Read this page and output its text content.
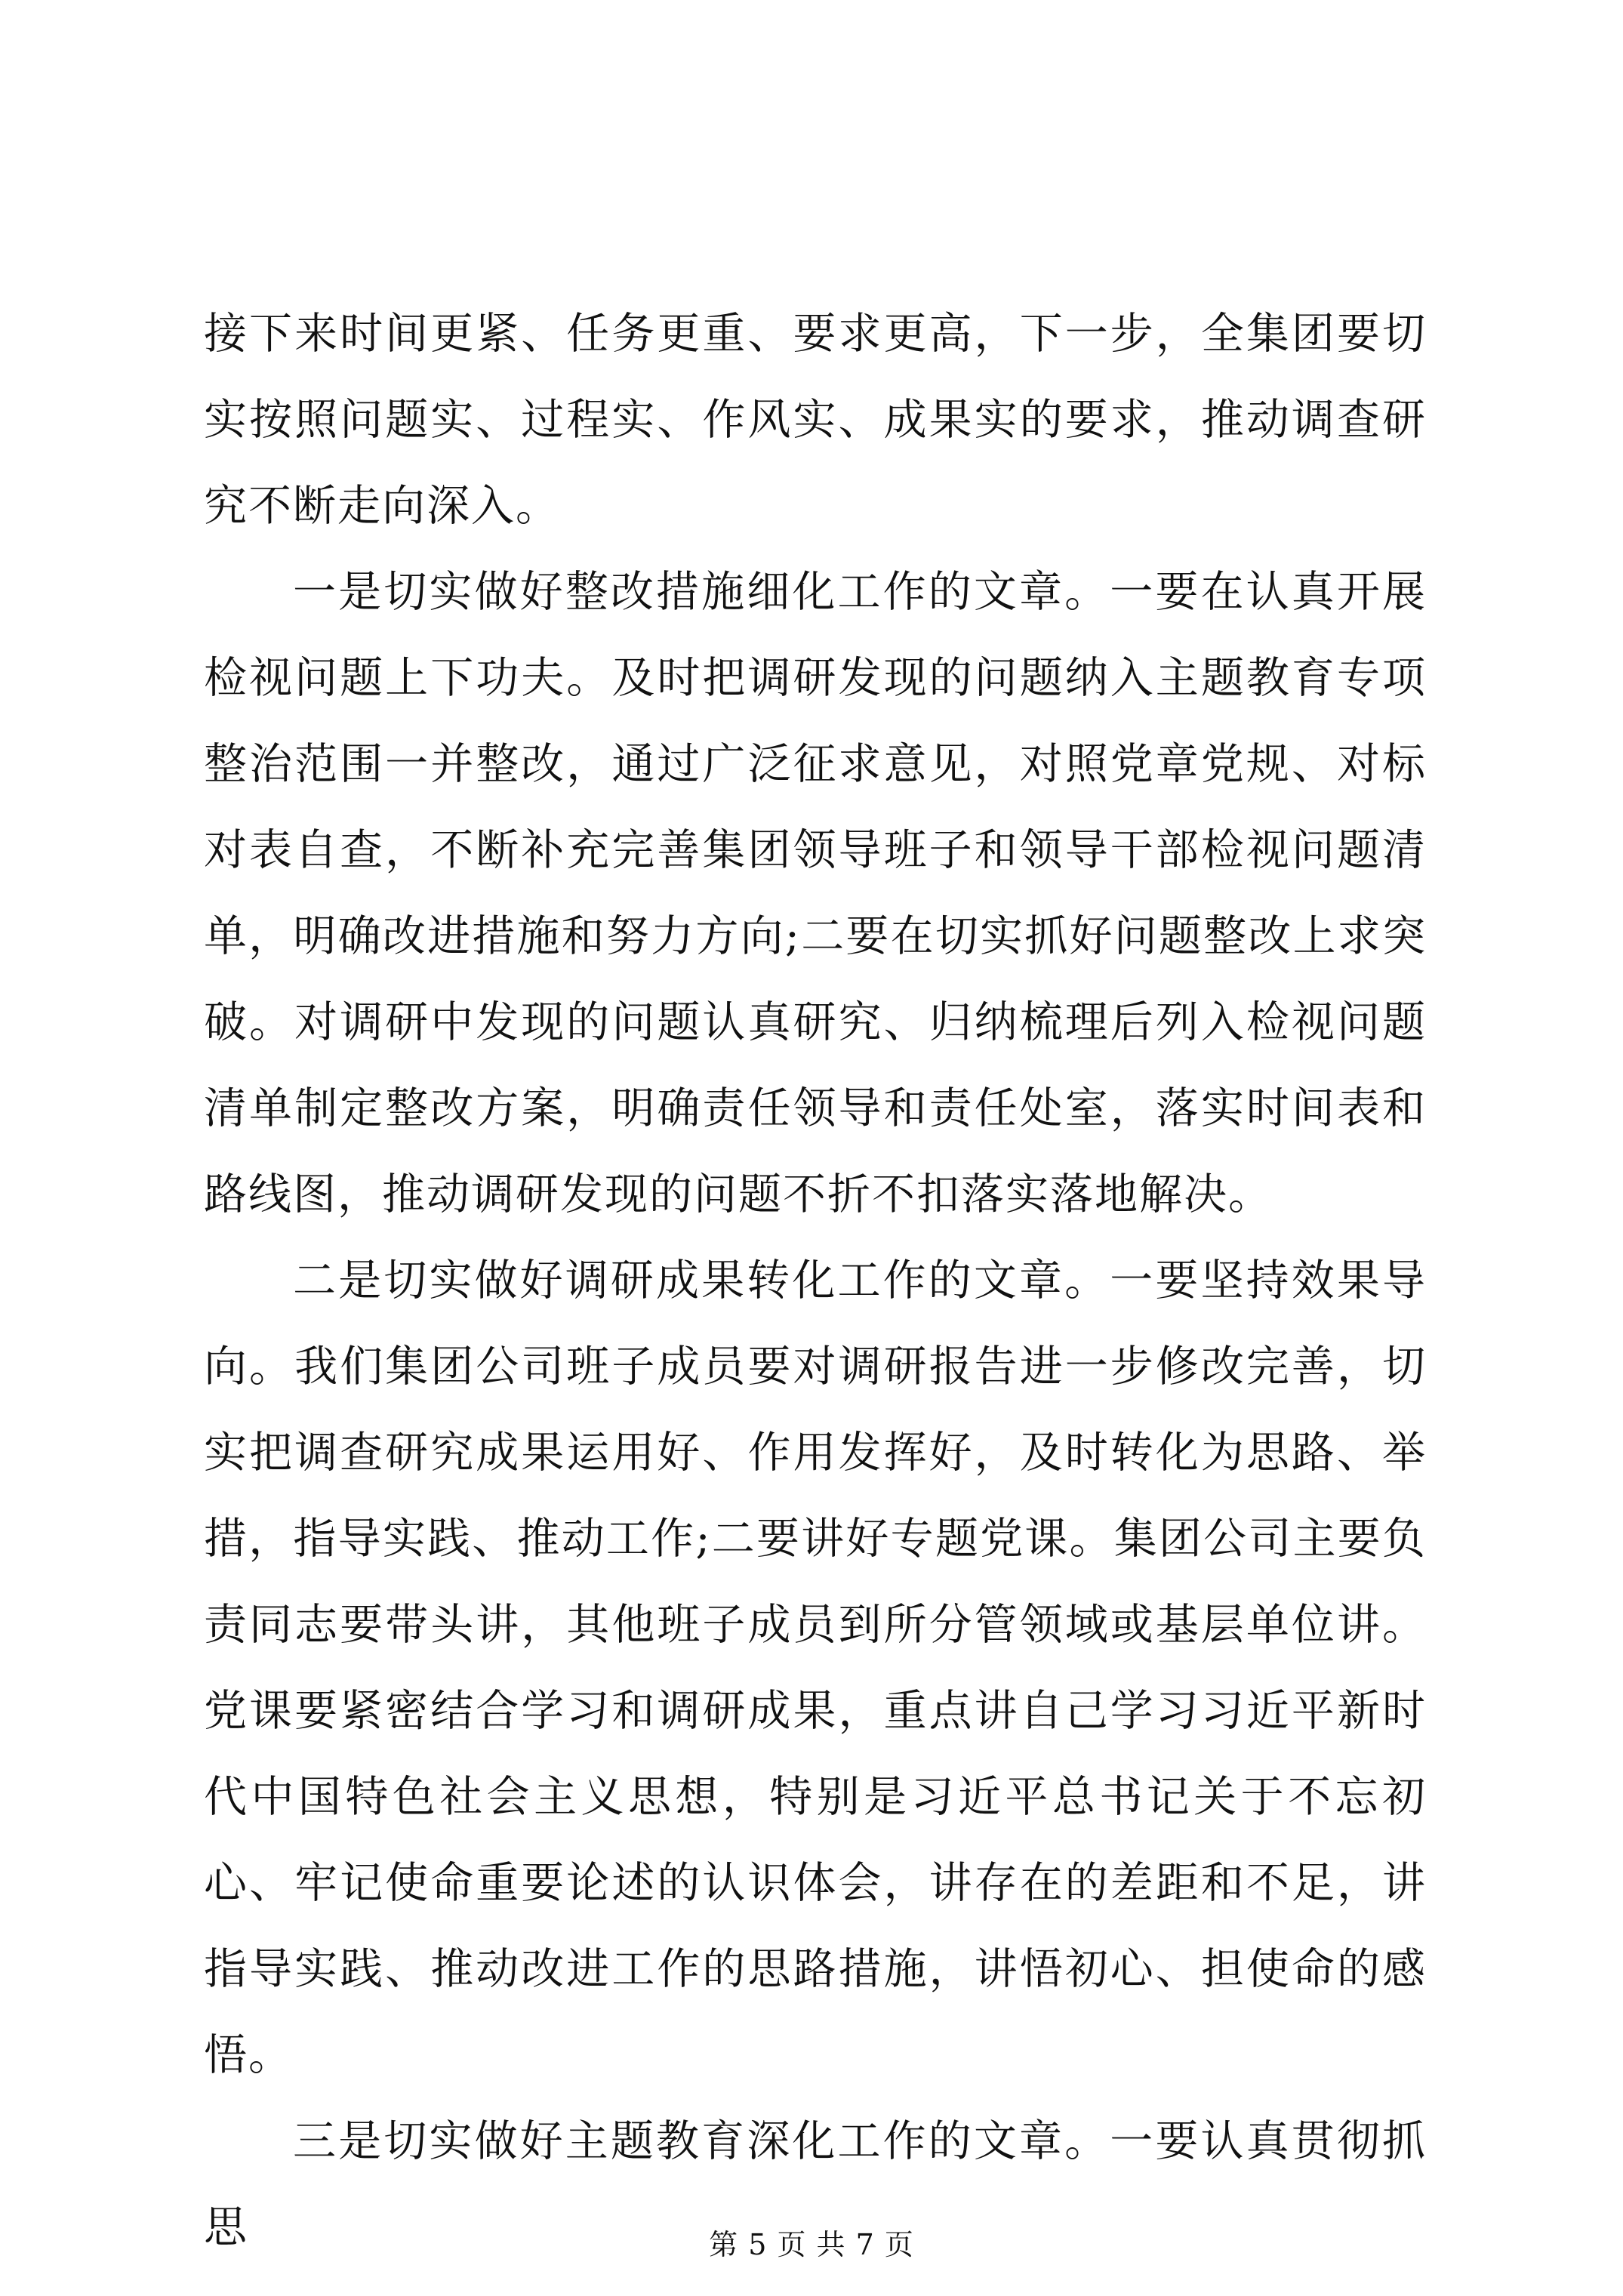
接下来时间更紧、任务更重、要求更高，下一步，全集团要切实按照问题实、过程实、作风实、成果实的要求，推动调查研究不断走向深入。

一是切实做好整改措施细化工作的文章。一要在认真开展检视问题上下功夫。及时把调研发现的问题纳入主题教育专项整治范围一并整改，通过广泛征求意见，对照党章党规、对标对表自查，不断补充完善集团领导班子和领导干部检视问题清单，明确改进措施和努力方向;二要在切实抓好问题整改上求突破。对调研中发现的问题认真研究、归纳梳理后列入检视问题清单制定整改方案，明确责任领导和责任处室，落实时间表和路线图，推动调研发现的问题不折不扣落实落地解决。

二是切实做好调研成果转化工作的文章。一要坚持效果导向。我们集团公司班子成员要对调研报告进一步修改完善，切实把调查研究成果运用好、作用发挥好，及时转化为思路、举措，指导实践、推动工作;二要讲好专题党课。集团公司主要负责同志要带头讲，其他班子成员到所分管领域或基层单位讲。党课要紧密结合学习和调研成果，重点讲自己学习习近平新时代中国特色社会主义思想，特别是习近平总书记关于不忘初心、牢记使命重要论述的认识体会，讲存在的差距和不足，讲指导实践、推动改进工作的思路措施，讲悟初心、担使命的感悟。

三是切实做好主题教育深化工作的文章。一要认真贯彻抓思	第 5 页 共 7 页
